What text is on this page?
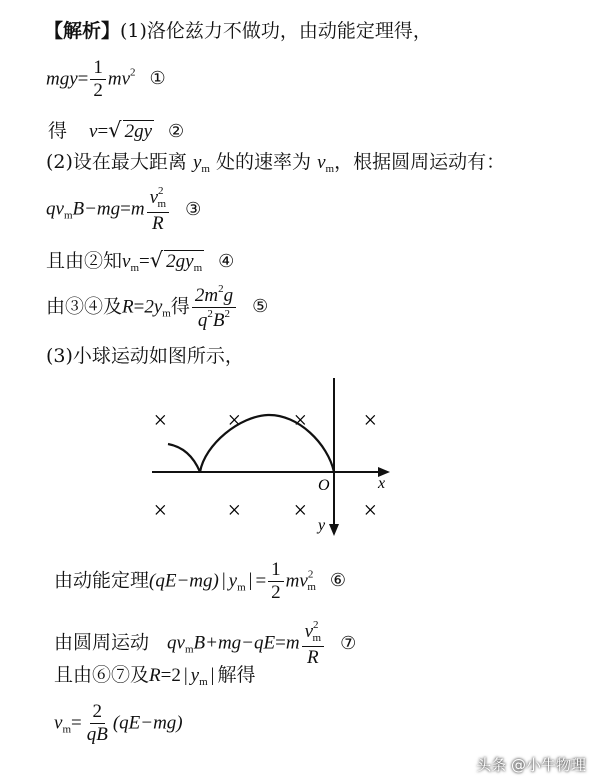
【解析】(1)洛伦兹力不做功，由动能定理得，
$mgy= \frac{1}{2} mv^2$ ①
得 v=√ 2gy ②
(2)设在最大距离 $y_m$ 处的速率为 $v_m$，根据圆周运动有：
$qv_mB-mg=m \frac{v^2_m}{R}$ ③
且由②知$v_m=√$ $2gy_m$ ④
由③④及$R=2y_m$得 $\frac{2m^2g}{q^2B^2}$ ⑤
(3)小球运动如图所示，
× × × ×
× × × ×
O	x
y
由动能定理(qE−mg) | $y_m$ | = $\frac{1}{2} mv^2_m$ ⑥
由圆周运动 $qv_mB+mg-qE=m \frac{v^2_m}{R}$ ⑦
且由⑥⑦及R=2 | $y_m$ | 解得
$v_m= \frac{2}{qB} (qE-mg)$
头条 @小牛物理
